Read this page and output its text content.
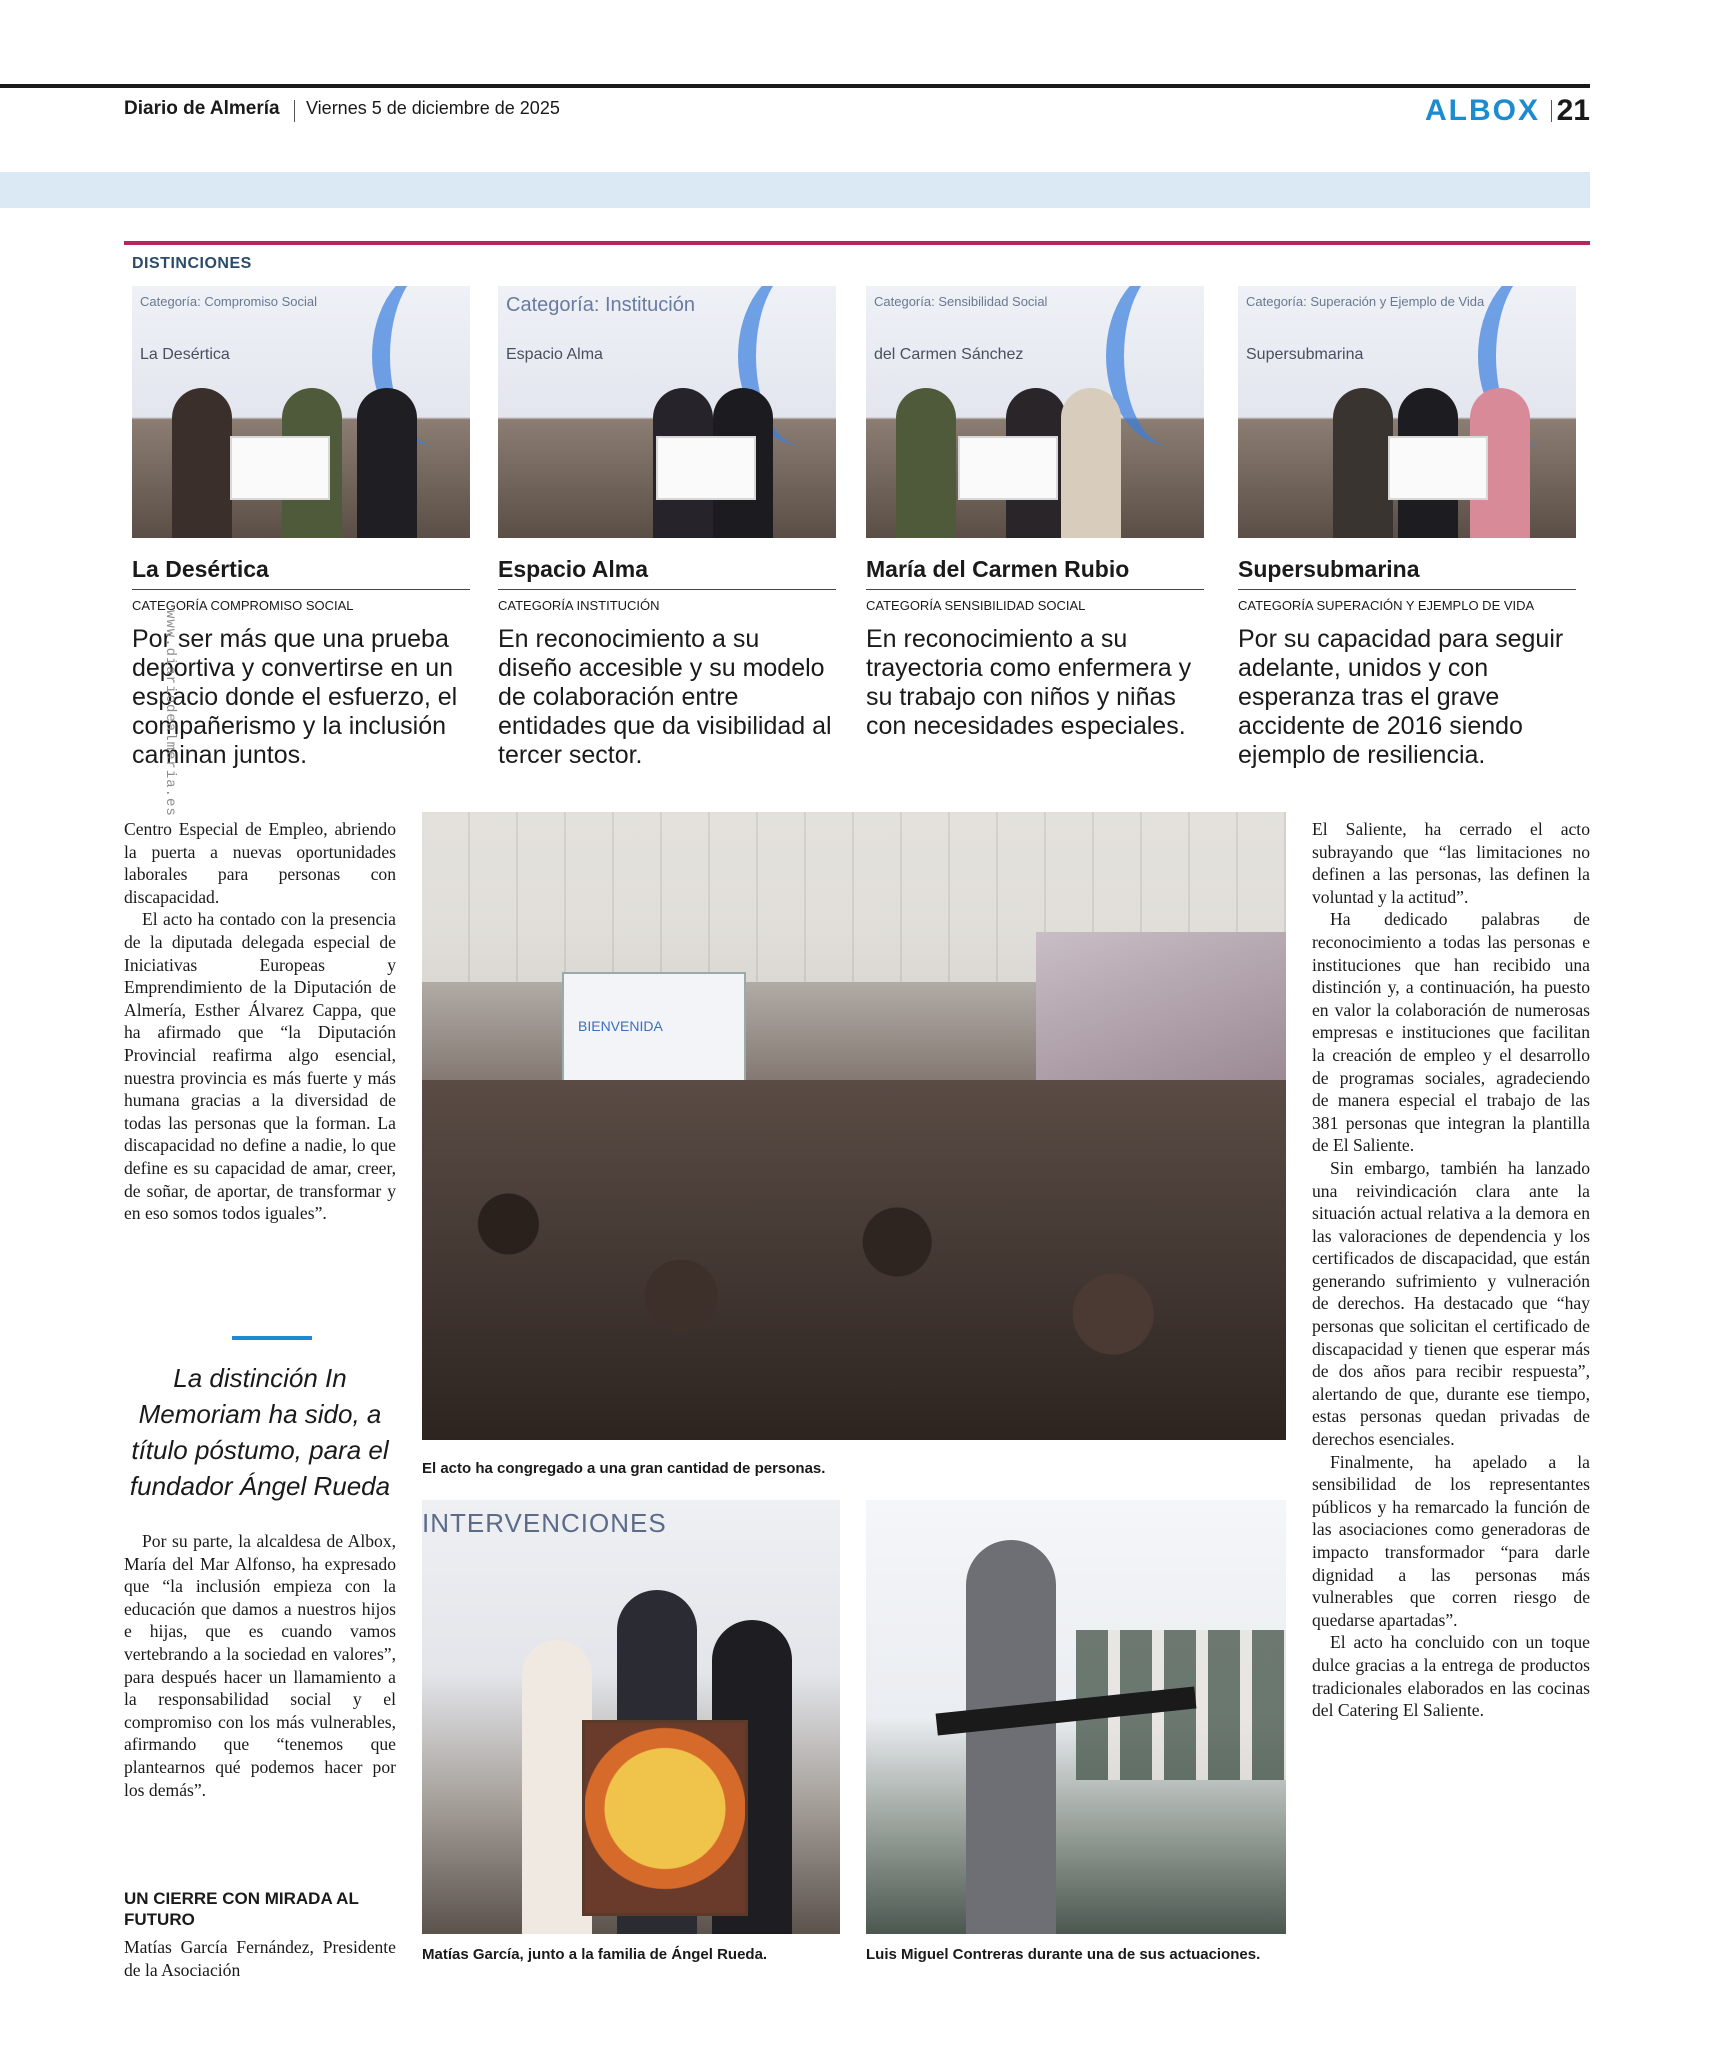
Diario de Almería Viernes 5 de diciembre de 2025	ALBOX 21
DISTINCIONES
Categoría: Compromiso Social
La Desértica
La Desértica
CATEGORÍA COMPROMISO SOCIAL
Por ser más que una prueba deportiva y convertirse en un espacio donde el esfuerzo, el compañerismo y la inclusión caminan juntos.
Categoría: Institución
Espacio Alma
Espacio Alma
CATEGORÍA INSTITUCIÓN
En reconocimiento a su diseño accesible y su modelo de colaboración entre entidades que da visibilidad al tercer sector.
Categoría: Sensibilidad Social
del Carmen Sánchez
María del Carmen Rubio
CATEGORÍA SENSIBILIDAD SOCIAL
En reconocimiento a su trayectoria como enfermera y su trabajo con niños y niñas con necesidades especiales.
Categoría: Superación y Ejemplo de Vida
Supersubmarina
Supersubmarina
CATEGORÍA SUPERACIÓN Y EJEMPLO DE VIDA
Por su capacidad para seguir adelante, unidos y con esperanza tras el grave accidente de 2016 siendo ejemplo de resiliencia.

Centro Especial de Empleo, abriendo la puerta a nuevas oportunidades laborales para personas con discapacidad.

El acto ha contado con la presencia de la diputada delegada especial de Iniciativas Europeas y Emprendimiento de la Diputación de Almería, Esther Álvarez Cappa, que ha afirmado que “la Diputación Provincial reafirma algo esencial, nuestra provincia es más fuerte y más humana gracias a la diversidad de todas las personas que la forman. La discapacidad no define a nadie, lo que define es su capacidad de amar, creer, de soñar, de aportar, de transformar y en eso somos todos iguales”.

La distinción In Memoriam ha sido, a título póstumo, para el fundador Ángel Rueda

Por su parte, la alcaldesa de Albox, María del Mar Alfonso, ha expresado que “la inclusión empieza con la educación que damos a nuestros hijos e hijas, que es cuando vamos vertebrando a la sociedad en valores”, para después hacer un llamamiento a la responsabilidad social y el compromiso con los más vulnerables, afirmando que “tenemos que plantearnos qué podemos hacer por los demás”.

UN CIERRE CON MIRADA AL FUTURO

Matías García Fernández, Presidente de la Asociación

BIENVENIDA
El acto ha congregado a una gran cantidad de personas.
INTERVENCIONES
Matías García, junto a la familia de Ángel Rueda.	Luis Miguel Contreras durante una de sus actuaciones.

El Saliente, ha cerrado el acto subrayando que “las limitaciones no definen a las personas, las definen la voluntad y la actitud”.

Ha dedicado palabras de reconocimiento a todas las personas e instituciones que han recibido una distinción y, a continuación, ha puesto en valor la colaboración de numerosas empresas e instituciones que facilitan la creación de empleo y el desarrollo de programas sociales, agradeciendo de manera especial el trabajo de las 381 personas que integran la plantilla de El Saliente.

Sin embargo, también ha lanzado una reivindicación clara ante la situación actual relativa a la demora en las valoraciones de dependencia y los certificados de discapacidad, que están generando sufrimiento y vulneración de derechos. Ha destacado que “hay personas que solicitan el certificado de discapacidad y tienen que esperar más de dos años para recibir respuesta”, alertando de que, durante ese tiempo, estas personas quedan privadas de derechos esenciales.

Finalmente, ha apelado a la sensibilidad de los representantes públicos y ha remarcado la función de las asociaciones como generadoras de impacto transformador “para darle dignidad a las personas más vulnerables que corren riesgo de quedarse apartadas”.

El acto ha concluido con un toque dulce gracias a la entrega de productos tradicionales elaborados en las cocinas del Catering El Saliente.

www.diariodealmeria.es
